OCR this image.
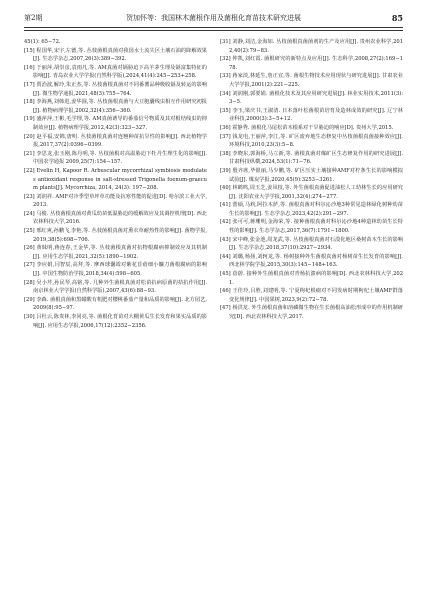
第2期	贺加怀等：我国林木菌根作用及菌根化育苗技术研究进展	85

45(1): 65−72.

[15] 程国华,宋宇,左德,等. 丛枝菌根真菌对我国水土流失区土壤石油的降解效果[J]. 生态学杂志,2007,26(3):389−392.

[16] 于丽萍,胡崇彦,袁雨凡,等. AM真菌对镉胁迫下高羊茅生理及镉富集特征的影响[J]. 青岛农业大学学报(自然科学版),2024,41(4):245−253+258.

[17] 贾治波,解玲,朱正杰,等. 丛枝菌根真菌对不同番薯品种吸收镉及转运的影响[J]. 微生物学通报,2021,48(3):755−764.

[18] 李海燕,刘韩进,姜华圆,等. 丛枝菌根真菌与大豆胞囊线虫相互作用研究初报[J]. 植物病理学报,2002,32(4):356−360.

[19] 盛萍萍,王彬,毛学理,等. AM真菌诱导的番茄信号物质及其对根结线虫的抑制效应[J]. 植物病理学报,2012,42(3):323−327.

[20] 赵平福,安锦,唐明. 丛枝菌根真菌对连翘种苗抗旱性的影响[J]. 西北植物学报,2017,37(2):0396−0399.

[21] 李思龙,张玉刚,陈丹明,等. 丛枝菌根对高温胁迫下牡丹生理生化的影响[J]. 中国农学通报 2009,25(7):154−157.

[22] Evelin H, Kapoor R. Arbuscular mycorrhizal symbiosis modulates antioxidant response in salt-stressed Trigonella foenum-graecum plants[J]. Mycorrhiza, 2014, 24(3): 197−208.

[23] 刘润祥. AMF对冷季型草坪草功能及抗寒性能的促进[D]. 哈尔滨工业大学,2013.

[24] 马俊. 丛枝菌根真菌对黄瓜幼苗低温胁迫的缓解效应及其调控机理[D]. 西北农林科技大学,2016.

[25] 邢红爽,孙鹏飞,李艳,等. 丛枝菌根真菌对熏衣草耐热性的影响[J]. 菌物学报,2019,38(5):698−706.

[26] 黄昧明,蒋连春,王金华,等. 丛枝菌根真菌对抗物根腐病抑制效应及其机制[J]. 应用生态学报,2021,32(5):1890−1902.

[27] 李应娟,闫智辰,高拜,等. 摩西球囊霉对紫花苜蓿细小镰刀菌根腐病的影响[J]. 中国生物防治学报,2018,34(4):598−605.

[28] 吴小芹,孙民琴,高铭,等. 几种外生菌根真菌对松苗抗病原菌的拮抗作用[J]. 南京林业大学学报(自然科学版),2007,43(6):88−93.

[29] 李森. 菌根真菌和黑蜡酸有机肥对樱桃番茄产量和品质的影响[J]. 北方园艺,2009(8):95−97.

[30] 吕杜云,陈贵林,李同亮,等. 菌根化育苗对大棚黄瓜生长发育和果实品质的影响[J]. 应用生态学报,2006,17(12):2352−2356.

[31] 刘静,刘洁,金海如. 丛枝菌根真菌菌剂的生产及应用[J]. 贵州农业科学,2012,40(2):79−83.

[32] 仲凯,刘红霞. 菌根研究的新特点及应用[J]. 生态科学,2008,27(2):169−178.

[33] 蒋家淡,林延生,詹正宜,等. 菌根生物技术应用现状与研究进展[J]. 甘肃农业大学学报,2001(2):221−225.

[34] 刘润刚,郭要娟. 菌根化技术及其应用研究进展[J]. 林业实用技术,2011(3):3−5.

[35] 李玉,梁庆书,王淑清. 日本落叶松菌根苗培育及造林成效的研究[J]. 辽宁林业科技,2000(3):3−5+12.

[36] 霍静秀. 菌根化马尾松苗木根系对干旱胁迫的响应[D]. 贵州大学,2015.

[37] 钱龙电,王丽萍,李江,等. 矿区废弃地生态修复中丛枝菌根真菌接种效应[J]. 环境科技,2010,23(3):5−8.

[38] 李晓东,郭海桥,马立新,等. 菌根真菌对煤矿区生态修复作用的研究进展[J]. 甘肃科技纵横,2024,53(1):71−76.

[39] 殷齐席,毕银丽,马少鹏,等. 矿区压实土壤接种AMF对柠条生长的影响模拟试验[J]. 煤炭学报,2020,45(9):3253−3261.

[40] 林鹤鸣,周玉芝,姜凤枝,等. 外生菌根真菌促进油松人工幼林生长的应用研究[J]. 沈阳农业大学学报,2001,32(4):274−277.

[41] 蕾硕,马莉,阿拉木萨,等. 菌根真菌对科尔沁沙地3种常见造林绿化树种幼苗生长的影响[J]. 生态学杂志,2023,42(2):291−297.

[42] 张可可,蒋珊明,金海荣,等. 接种菌根真菌对科尔沁沙地4种造林幼苗生长特性的影响[J]. 生态学杂志,2017,36(7):1791−1800.

[43] 宋中峰,张金池,周龙武,等. 丛枝菌根真菌对石漠化地区桑树苗木生长的影响[J]. 生态学杂志,2018,37(10):2927−2934.

[44] 刘璐,杨扬,刘轲龙,等. 杨树接种外生菌根真菌对杨树苗生长发育的影响[J]. 西北林学院学报,2015,30(3):145−148+163.

[45] 蓓蔚. 接种外生菌根真菌对青杨抗溃病的影响[D]. 西北农林科技大学,2021.

[46] 王佳玲,吕胜,刘建明,等. 宁夏枸杞根瘤对不同发病时期枸杞土壤AMF群落变化规律[J]. 中国果树,2023,9(2):72−78.

[47] 杨洪龙. 外生菌根真菌和溶磷微生物在生长菌根高油松形成中的作用机制研究[D]. 西北农林科技大学,2017.
